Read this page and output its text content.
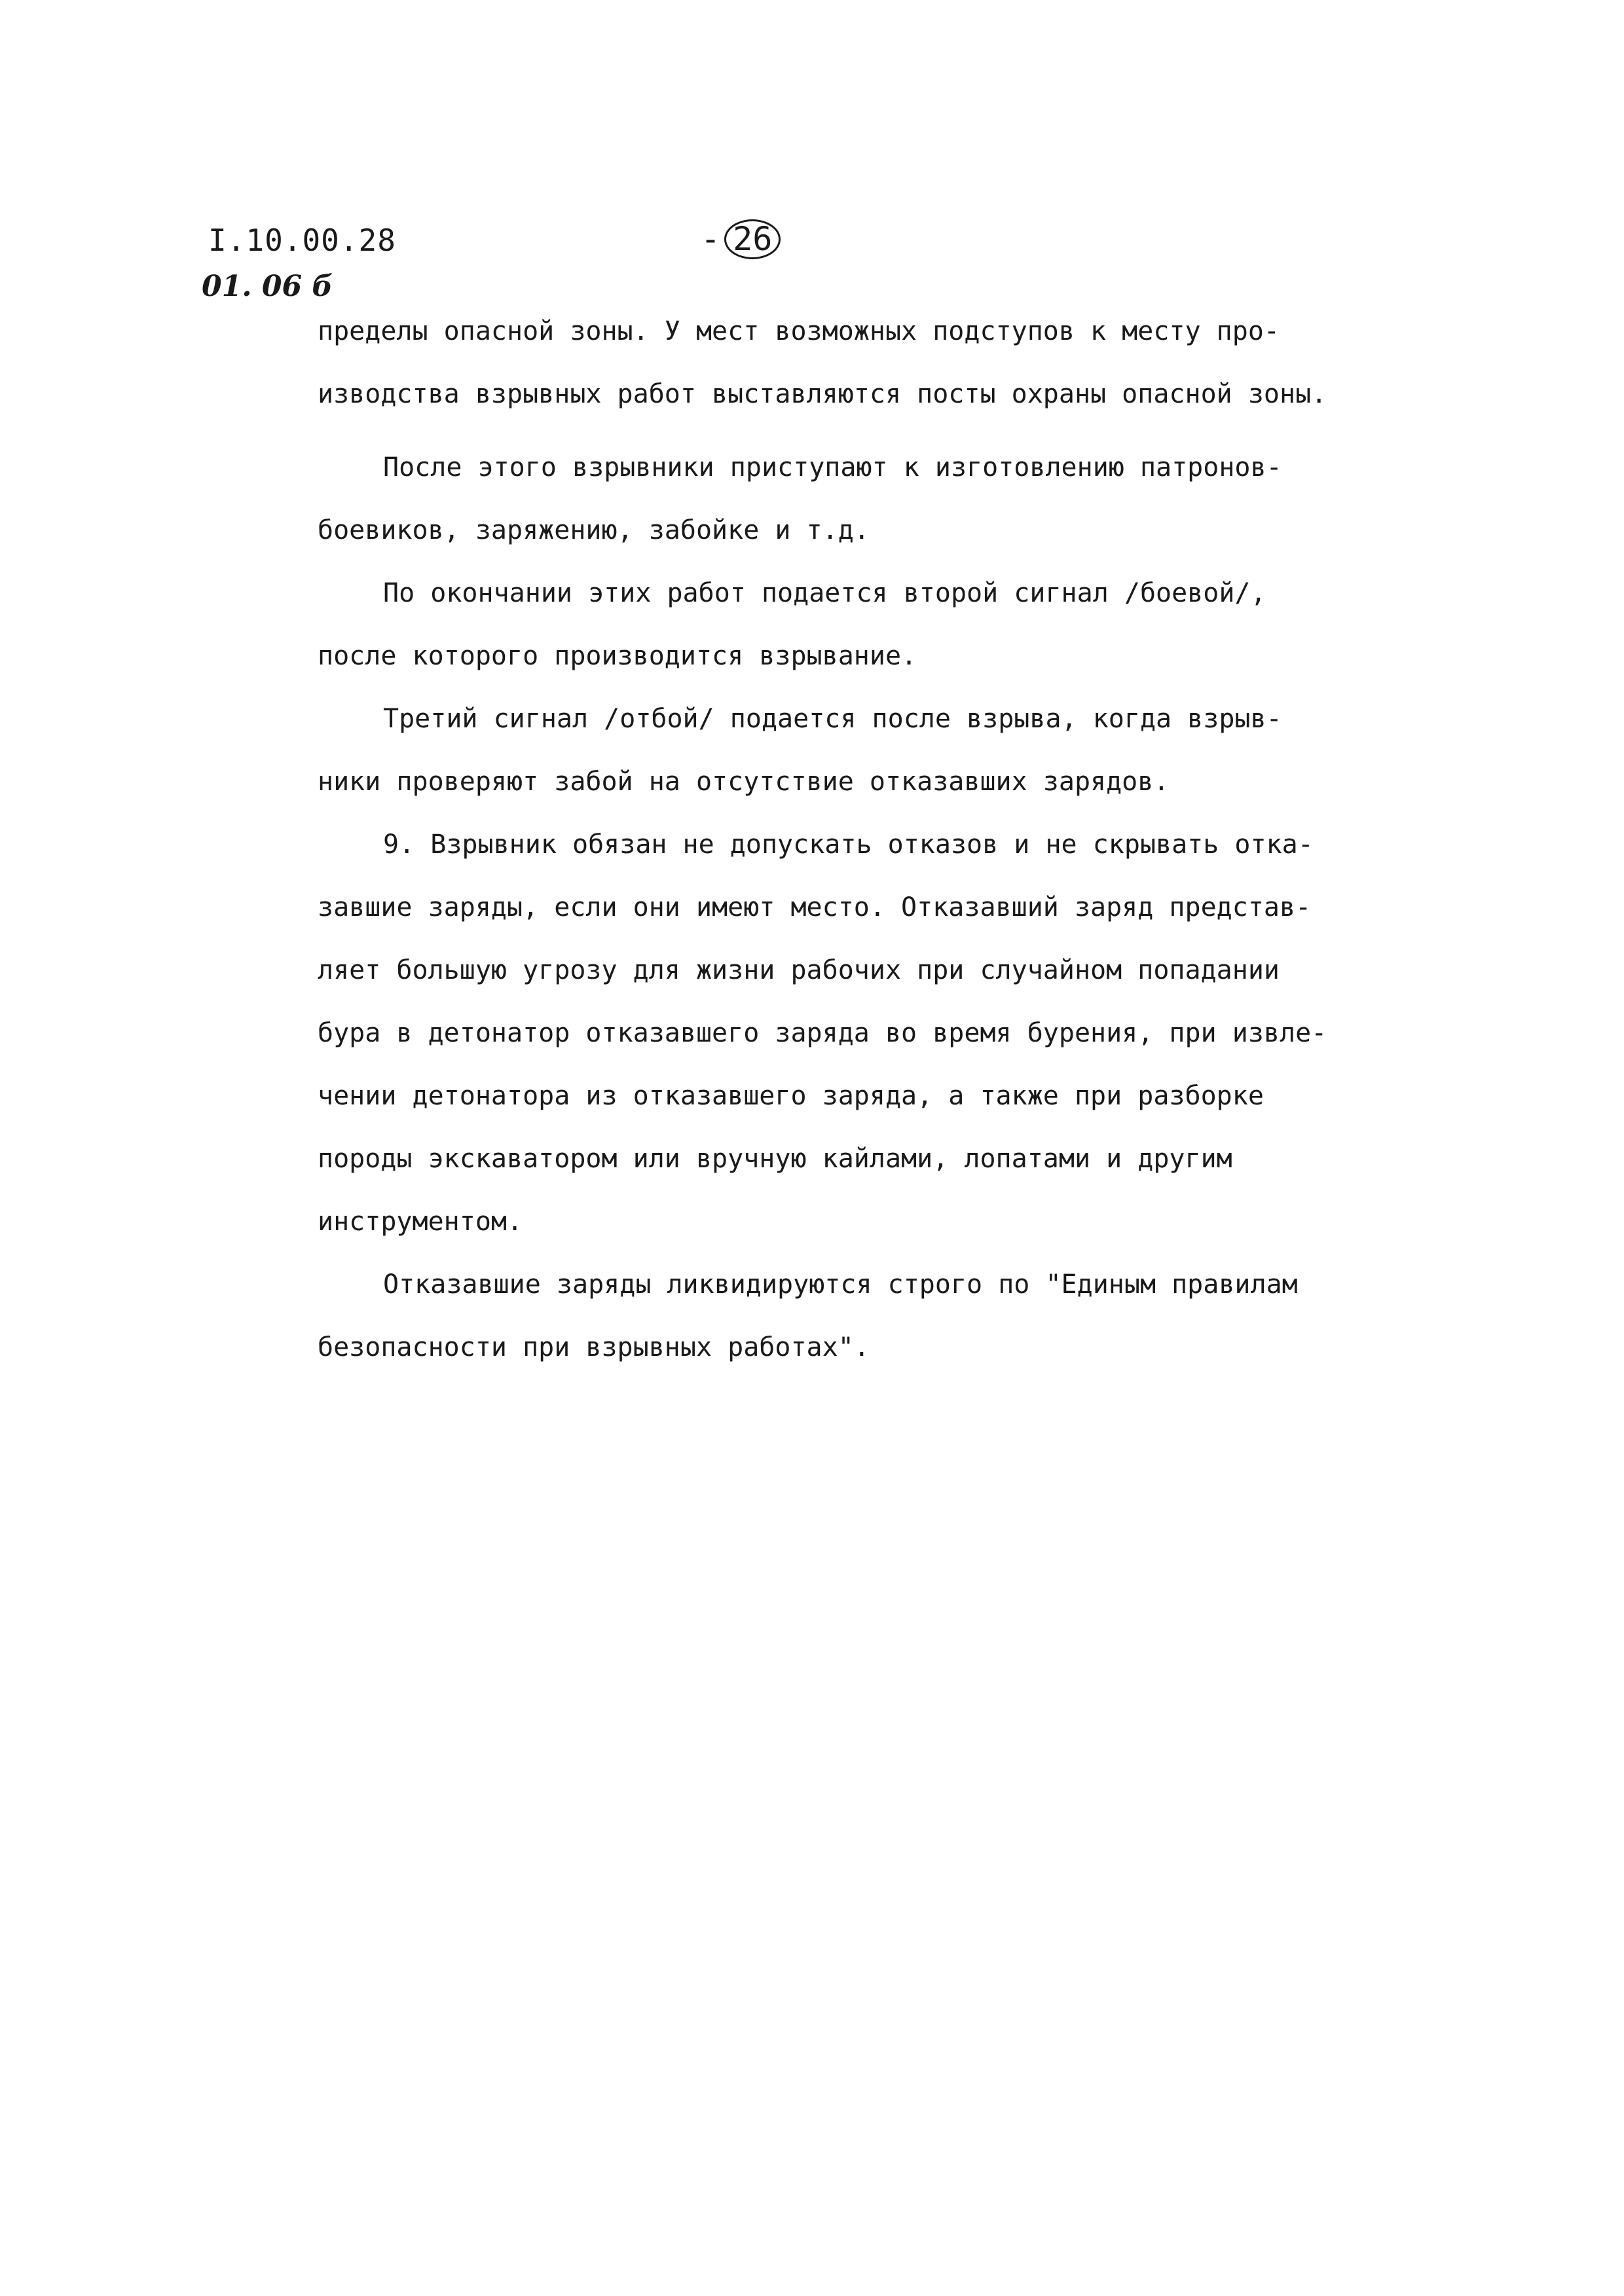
I.10.00.28	- 26
01. 06 б
пределы опасной зоны. У мест возможных подступов к месту про-
изводства взрывных работ выставляются посты охраны опасной зоны.
После этого взрывники приступают к изготовлению патронов-
боевиков, заряжению, забойке и т.д.
По окончании этих работ подается второй сигнал /боевой/,
после которого производится взрывание.
Третий сигнал /отбой/ подается после взрыва, когда взрыв-
ники проверяют забой на отсутствие отказавших зарядов.
9. Взрывник обязан не допускать отказов и не скрывать отка-
завшие заряды, если они имеют место. Отказавший заряд представ-
ляет большую угрозу для жизни рабочих при случайном попадании
бура в детонатор отказавшего заряда во время бурения, при извле-
чении детонатора из отказавшего заряда, а также при разборке
породы экскаватором или вручную кайлами, лопатами и другим
инструментом.
Отказавшие заряды ликвидируются строго по "Единым правилам
безопасности при взрывных работах".
